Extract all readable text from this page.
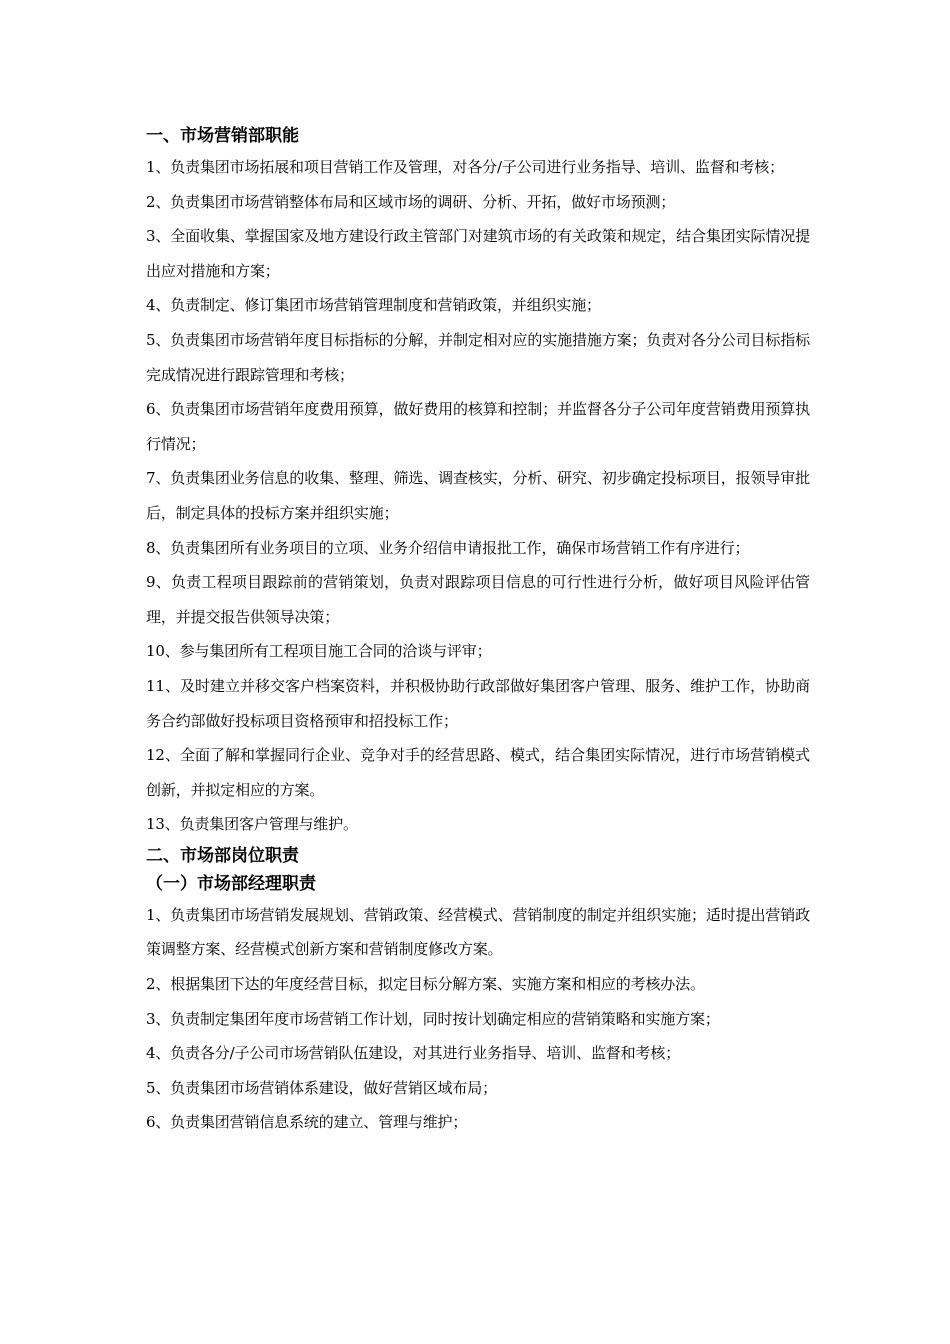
一、市场营销部职能
1、负责集团市场拓展和项目营销工作及管理，对各分/子公司进行业务指导、培训、监督和考核；
2、负责集团市场营销整体布局和区域市场的调研、分析、开拓，做好市场预测；
3、全面收集、掌握国家及地方建设行政主管部门对建筑市场的有关政策和规定，结合集团实际情况提出应对措施和方案；
4、负责制定、修订集团市场营销管理制度和营销政策，并组织实施；
5、负责集团市场营销年度目标指标的分解，并制定相对应的实施措施方案；负责对各分公司目标指标完成情况进行跟踪管理和考核；
6、负责集团市场营销年度费用预算，做好费用的核算和控制；并监督各分子公司年度营销费用预算执行情况；
7、负责集团业务信息的收集、整理、筛选、调查核实，分析、研究、初步确定投标项目，报领导审批后，制定具体的投标方案并组织实施；
8、负责集团所有业务项目的立项、业务介绍信申请报批工作，确保市场营销工作有序进行；
9、负责工程项目跟踪前的营销策划，负责对跟踪项目信息的可行性进行分析，做好项目风险评估管理，并提交报告供领导决策；
10、参与集团所有工程项目施工合同的洽谈与评审；
11、及时建立并移交客户档案资料，并积极协助行政部做好集团客户管理、服务、维护工作，协助商务合约部做好投标项目资格预审和招投标工作；
12、全面了解和掌握同行企业、竞争对手的经营思路、模式，结合集团实际情况，进行市场营销模式创新，并拟定相应的方案。
13、负责集团客户管理与维护。
二、市场部岗位职责
（一）市场部经理职责
1、负责集团市场营销发展规划、营销政策、经营模式、营销制度的制定并组织实施；适时提出营销政策调整方案、经营模式创新方案和营销制度修改方案。
2、根据集团下达的年度经营目标，拟定目标分解方案、实施方案和相应的考核办法。
3、负责制定集团年度市场营销工作计划，同时按计划确定相应的营销策略和实施方案；
4、负责各分/子公司市场营销队伍建设，对其进行业务指导、培训、监督和考核；
5、负责集团市场营销体系建设，做好营销区域布局；
6、负责集团营销信息系统的建立、管理与维护；
